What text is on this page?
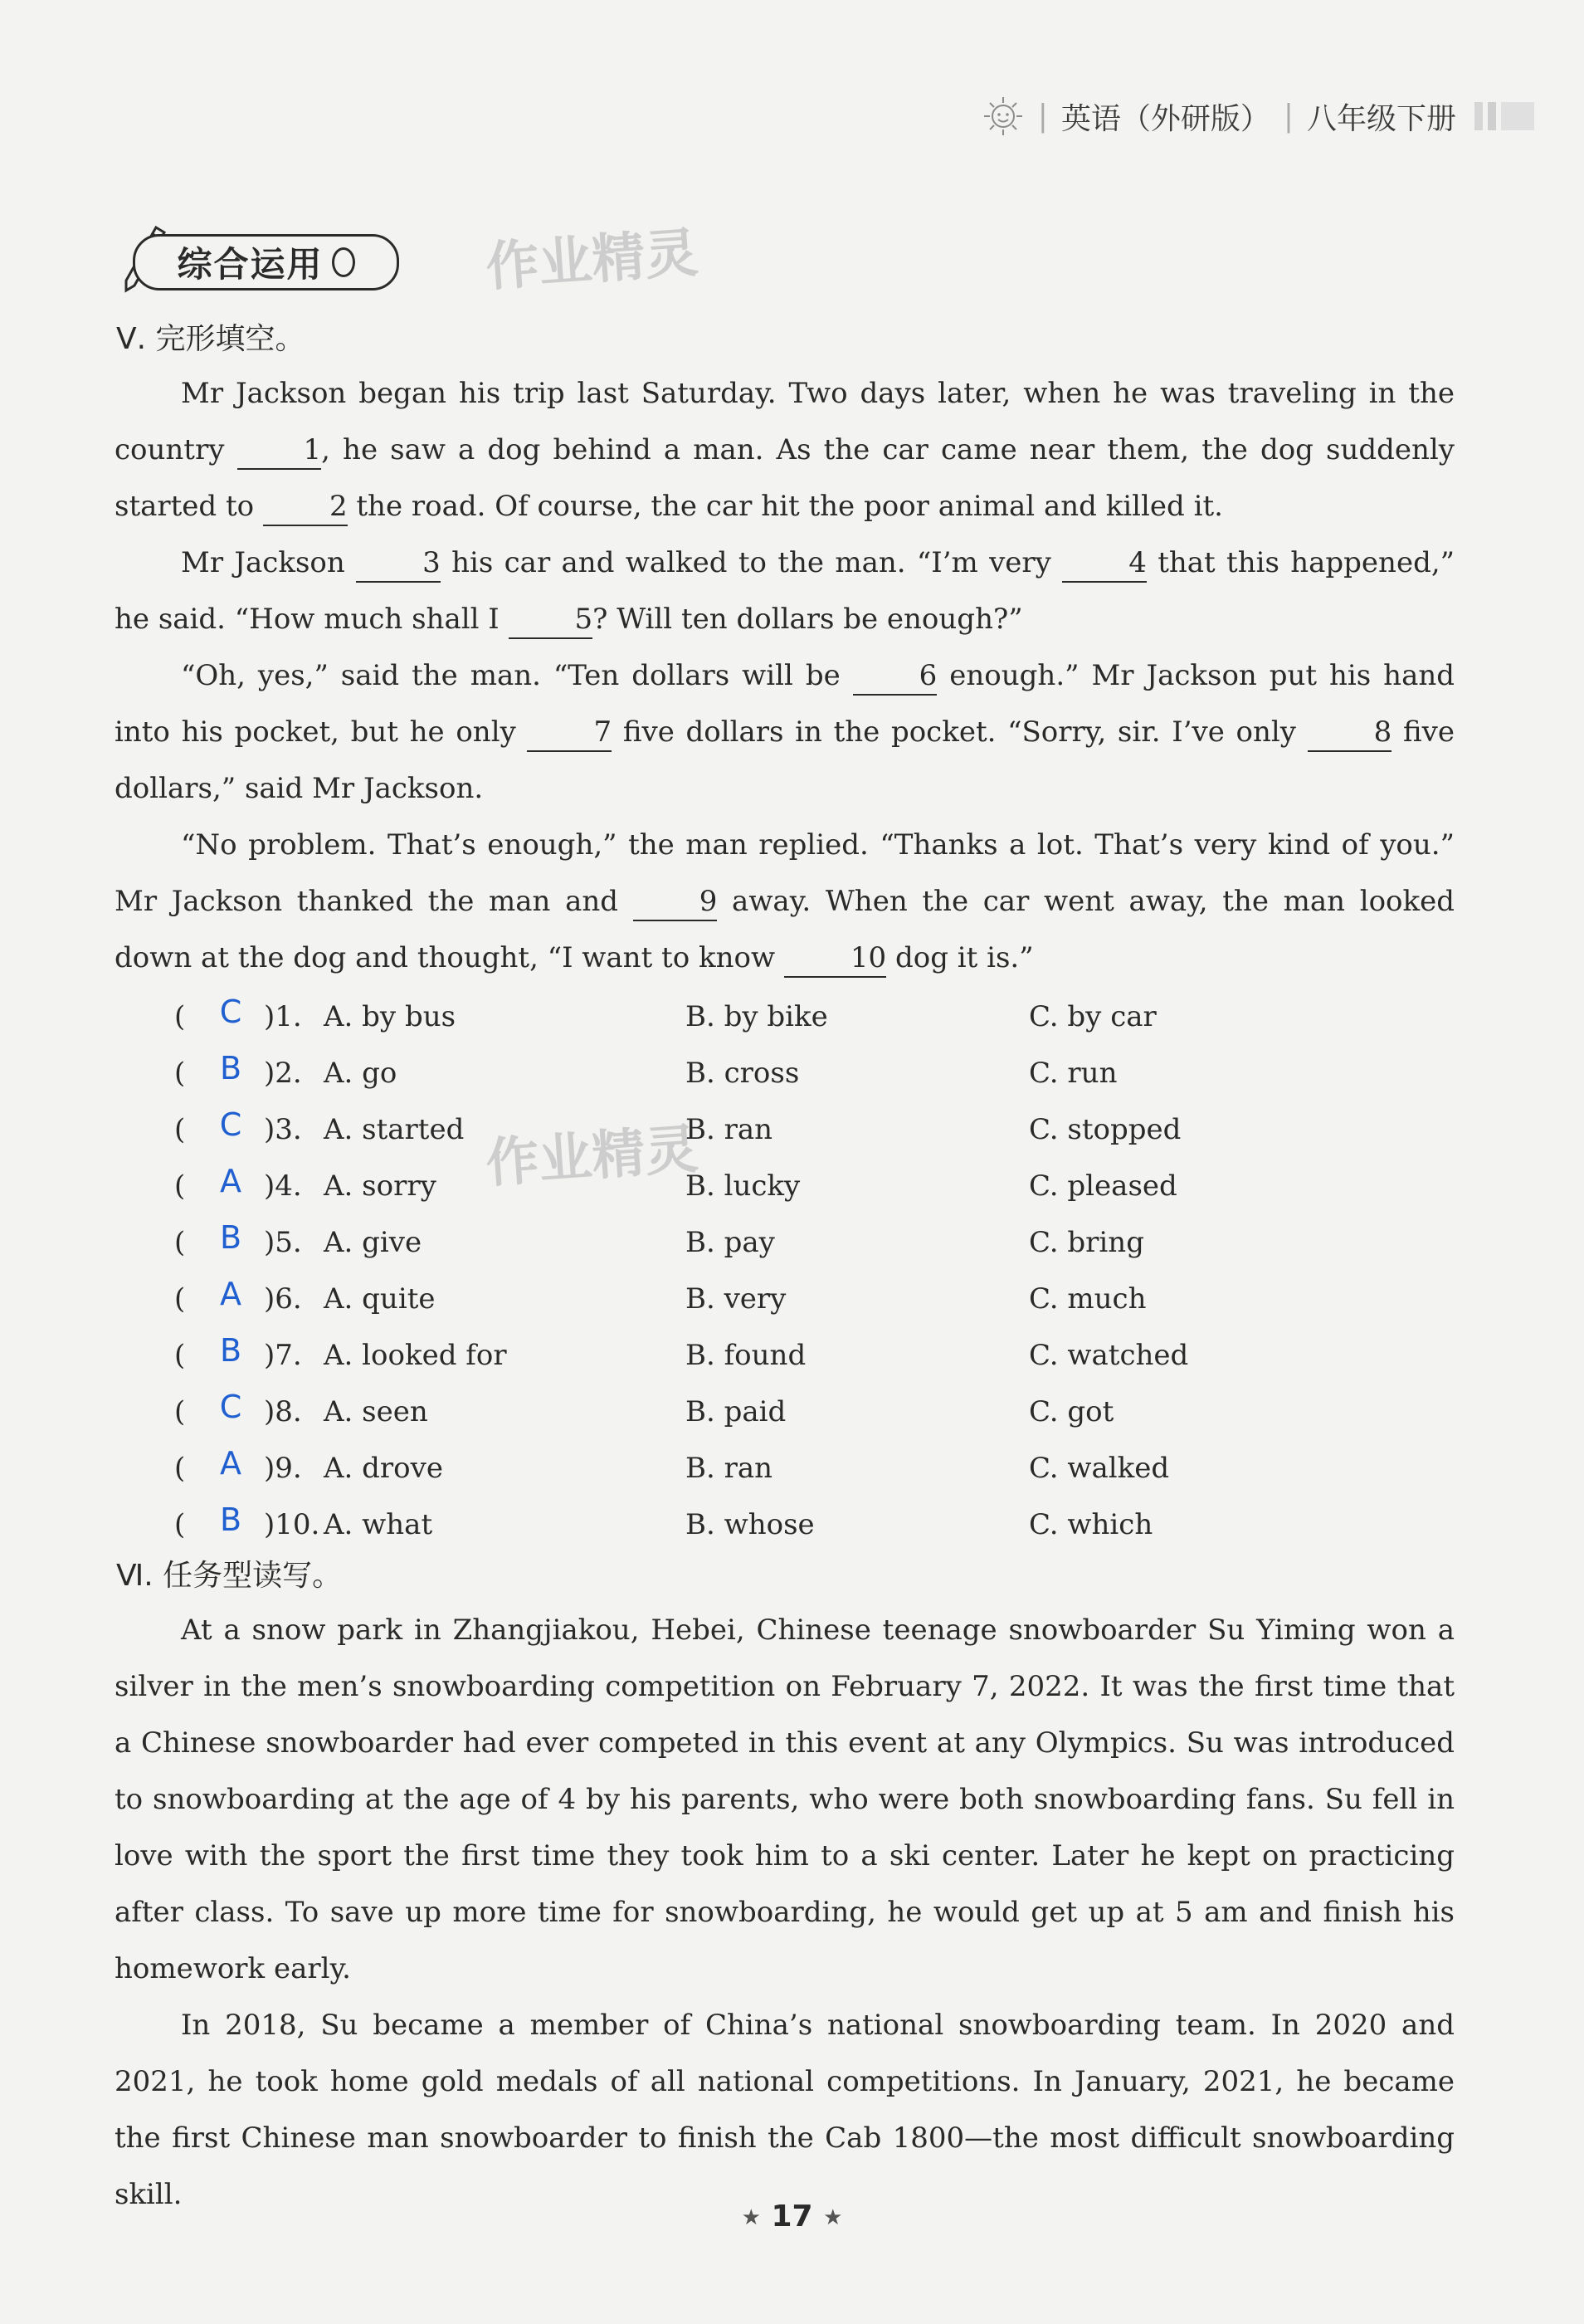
| 英语（外研版） | 八年级下册
综合运用	作业精灵
作业精灵
Ⅴ. 完形填空。

Mr Jackson began his trip last Saturday. Two days later, when he was traveling in the country	1, he saw a dog behind a man. As the car came near them, the dog suddenly started to	2 the road. Of course, the car hit the poor animal and killed it.

Mr Jackson	3 his car and walked to the man. “I’m very	4 that this happened,” he said. “How much shall I	5? Will ten dollars be enough?”

“Oh, yes,” said the man. “Ten dollars will be	6 enough.” Mr Jackson put his hand into his pocket, but he only	7 five dollars in the pocket. “Sorry, sir. I’ve only	8 five dollars,” said Mr Jackson.

“No problem. That’s enough,” the man replied. “Thanks a lot. That’s very kind of you.” Mr Jackson thanked the man and	9 away. When the car went away, the man looked down at the dog and thought, “I want to know	10 dog it is.”

( C )1. A. by bus	B. by bike	C. by car
( B )2. A. go	B. cross	C. run
( C )3. A. started	B. ran	C. stopped
( A )4. A. sorry	B. lucky	C. pleased
( B )5. A. give	B. pay	C. bring
( A )6. A. quite	B. very	C. much
( B )7. A. looked for	B. found	C. watched
( C )8. A. seen	B. paid	C. got
( A )9. A. drove	B. ran	C. walked
( B )10. A. what	B. whose	C. which
Ⅵ. 任务型读写。

At a snow park in Zhangjiakou, Hebei, Chinese teenage snowboarder Su Yiming won a silver in the men’s snowboarding competition on February 7, 2022. It was the first time that a Chinese snowboarder had ever competed in this event at any Olympics. Su was introduced to snowboarding at the age of 4 by his parents, who were both snowboarding fans. Su fell in love with the sport the first time they took him to a ski center. Later he kept on practicing after class. To save up more time for snowboarding, he would get up at 5 am and finish his homework early.

In 2018, Su became a member of China’s national snowboarding team. In 2020 and 2021, he took home gold medals of all national competitions. In January, 2021, he became the first Chinese man snowboarder to finish the Cab 1800—the most difficult snowboarding skill.

★ 17 ★
